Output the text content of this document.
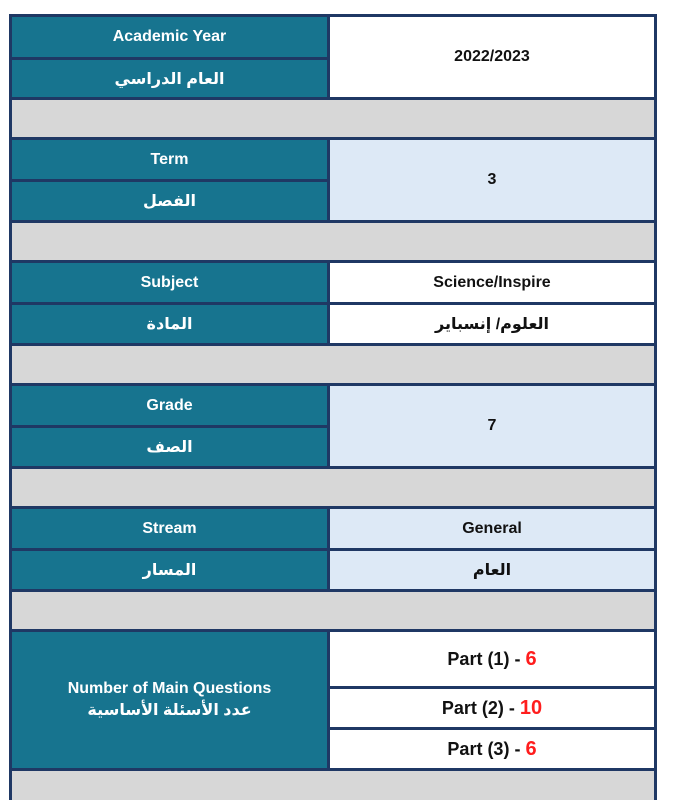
Academic Year
العام الدراسي
2022/2023
Term
الفصل
3
Subject
المادة
Science/Inspire
العلوم/ إنسباير
Grade
الصف
7
Stream
المسار
General
العام
Number of Main Questions
عدد الأسئلة الأساسية
Part (1) - 6
Part (2) - 10
Part (3) - 6
